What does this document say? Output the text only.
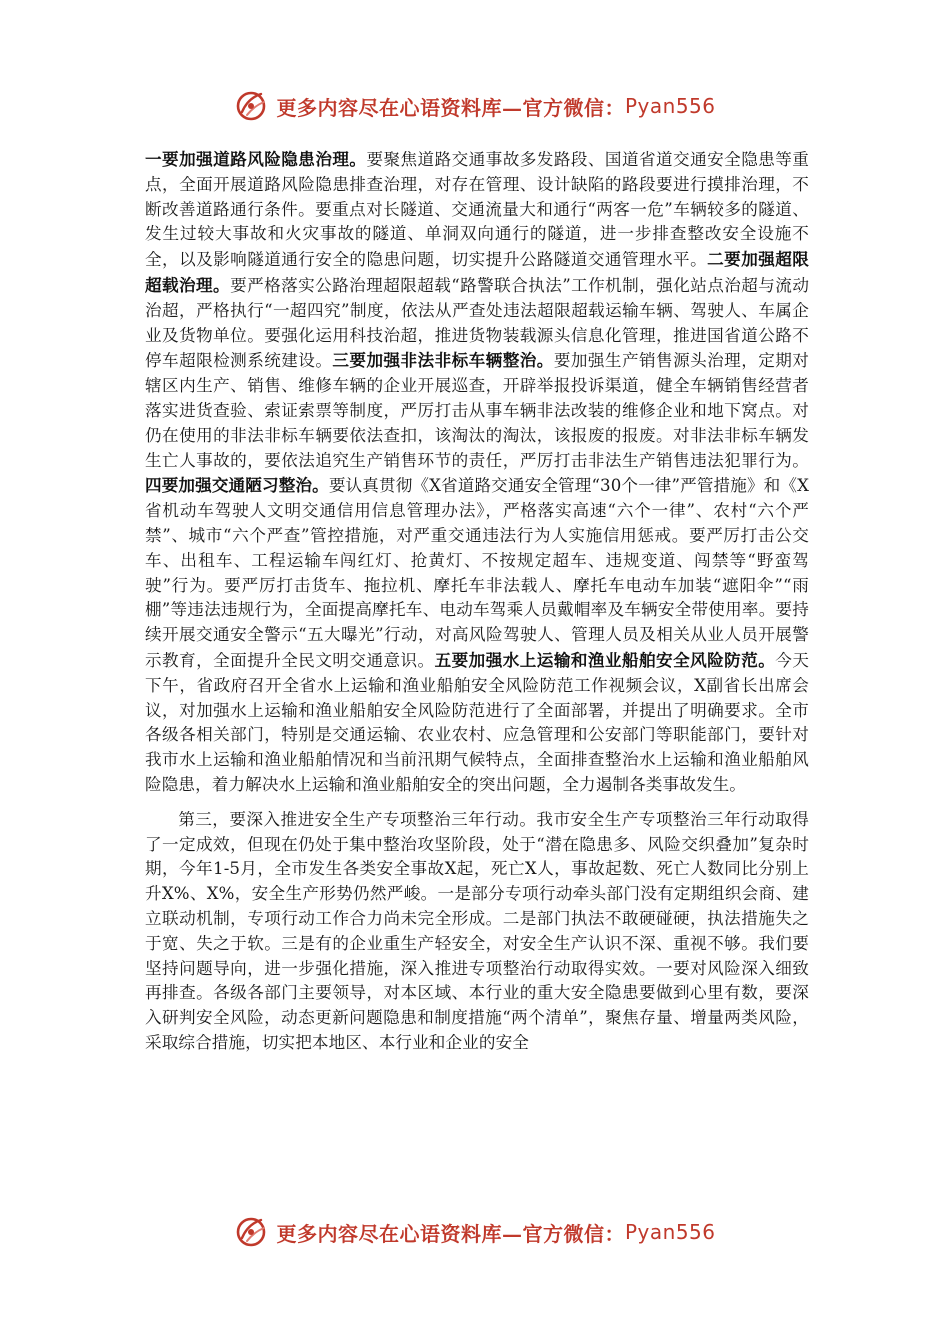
更多内容尽在心语资料库—官方微信： Pyan556

一要加强道路风险隐患治理。要聚焦道路交通事故多发路段、国道省道交通安全隐患等重点，全面开展道路风险隐患排查治理，对存在管理、设计缺陷的路段要进行摸排治理，不断改善道路通行条件。要重点对长隧道、交通流量大和通行“两客一危”车辆较多的隧道、发生过较大事故和火灾事故的隧道、单洞双向通行的隧道，进一步排查整改安全设施不全，以及影响隧道通行安全的隐患问题，切实提升公路隧道交通管理水平。二要加强超限超载治理。要严格落实公路治理超限超载“路警联合执法”工作机制，强化站点治超与流动治超，严格执行“一超四究”制度，依法从严查处违法超限超载运输车辆、驾驶人、车属企业及货物单位。要强化运用科技治超，推进货物装载源头信息化管理，推进国省道公路不停车超限检测系统建设。三要加强非法非标车辆整治。要加强生产销售源头治理，定期对辖区内生产、销售、维修车辆的企业开展巡查，开辟举报投诉渠道，健全车辆销售经营者落实进货查验、索证索票等制度，严厉打击从事车辆非法改装的维修企业和地下窝点。对仍在使用的非法非标车辆要依法查扣，该淘汰的淘汰，该报废的报废。对非法非标车辆发生亡人事故的，要依法追究生产销售环节的责任，严厉打击非法生产销售违法犯罪行为。四要加强交通陋习整治。要认真贯彻《X省道路交通安全管理“30个一律”严管措施》和《X省机动车驾驶人文明交通信用信息管理办法》，严格落实高速“六个一律”、农村“六个严禁”、城市“六个严查”管控措施，对严重交通违法行为人实施信用惩戒。要严厉打击公交车、出租车、工程运输车闯红灯、抢黄灯、不按规定超车、违规变道、闯禁等“野蛮驾驶”行为。要严厉打击货车、拖拉机、摩托车非法载人、摩托车电动车加装“遮阳伞”“雨棚”等违法违规行为，全面提高摩托车、电动车驾乘人员戴帽率及车辆安全带使用率。要持续开展交通安全警示“五大曝光”行动，对高风险驾驶人、管理人员及相关从业人员开展警示教育，全面提升全民文明交通意识。五要加强水上运输和渔业船舶安全风险防范。今天下午，省政府召开全省水上运输和渔业船舶安全风险防范工作视频会议，X副省长出席会议，对加强水上运输和渔业船舶安全风险防范进行了全面部署，并提出了明确要求。全市各级各相关部门，特别是交通运输、农业农村、应急管理和公安部门等职能部门，要针对我市水上运输和渔业船舶情况和当前汛期气候特点，全面排查整治水上运输和渔业船舶风险隐患，着力解决水上运输和渔业船舶安全的突出问题，全力遏制各类事故发生。

第三，要深入推进安全生产专项整治三年行动。我市安全生产专项整治三年行动取得了一定成效，但现在仍处于集中整治攻坚阶段，处于“潜在隐患多、风险交织叠加”复杂时期，今年1-5月，全市发生各类安全事故X起，死亡X人，事故起数、死亡人数同比分别上升X%、X%，安全生产形势仍然严峻。一是部分专项行动牵头部门没有定期组织会商、建立联动机制，专项行动工作合力尚未完全形成。二是部门执法不敢硬碰硬，执法措施失之于宽、失之于软。三是有的企业重生产轻安全，对安全生产认识不深、重视不够。我们要坚持问题导向，进一步强化措施，深入推进专项整治行动取得实效。一要对风险深入细致再排查。各级各部门主要领导，对本区域、本行业的重大安全隐患要做到心里有数，要深入研判安全风险，动态更新问题隐患和制度措施“两个清单”，聚焦存量、增量两类风险，采取综合措施，切实把本地区、本行业和企业的安全

更多内容尽在心语资料库—官方微信： Pyan556
